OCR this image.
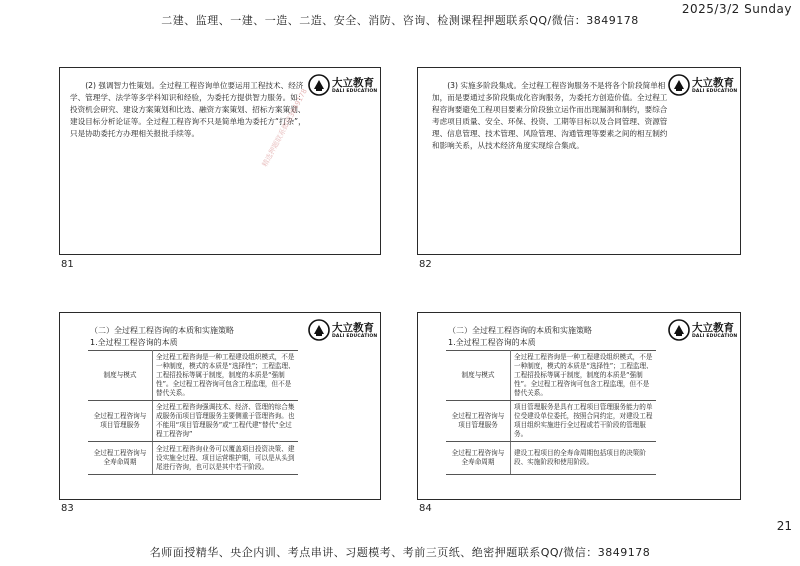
2025/3/2 Sunday
二建、监理、一建、一造、二造、安全、消防、咨询、检测课程押题联系QQ/微信：3849178
名师面授精华、央企内训、考点串讲、习题模考、考前三页纸、绝密押题联系QQ/微信：3849178
21
大立教育
DALI EDUCATION
(2) 强调智力性策划。全过程工程咨询单位要运用工程技术、经济学、管理学、法学等多学科知识和经验，为委托方提供智力服务。如：投资机会研究、建设方案策划和比选、融资方案策划、招标方案策划、建设目标分析论证等。全过程工程咨询不只是简单地为委托方“打杂”，只是协助委托方办理相关报批手续等。	精选押题联系微信3849178
81
大立教育
DALI EDUCATION
(3) 实施多阶段集成。全过程工程咨询服务不是将各个阶段简单相加，而是要通过多阶段集成化咨询服务，为委托方创造价值。全过程工程咨询要避免工程项目要素分阶段独立运作而出现漏洞和制约，要综合考虑项目质量、安全、环保、投资、工期等目标以及合同管理、资源管理、信息管理、技术管理、风险管理、沟通管理等要素之间的相互制约和影响关系，从技术经济角度实现综合集成。
82
大立教育
DALI EDUCATION
（二）全过程工程咨询的本质和实施策略
1.全过程工程咨询的本质
制度与模式	全过程工程咨询是一种工程建设组织模式，不是一种制度，模式的本质是“选择性”；工程监理、工程招投标等属于制度，制度的本质是“强制性”。全过程工程咨询可包含工程监理，但不是替代关系。
全过程工程咨询与项目管理服务	全过程工程咨询强调技术、经济、管理的综合集成服务而项目管理服务主要侧重于管理咨询。也不能用“项目管理服务”或“工程代建”替代“全过程工程咨询”
全过程工程咨询与全寿命周期	全过程工程咨询业务可以覆盖项目投资决策、建设实施全过程、项目运营维护期，可以是从头到尾进行咨询，也可以是其中若干阶段。
83
大立教育
DALI EDUCATION
（二）全过程工程咨询的本质和实施策略
1.全过程工程咨询的本质
制度与模式	全过程工程咨询是一种工程建设组织模式，不是一种制度，模式的本质是“选择性”；工程监理、工程招投标等属于制度，制度的本质是“强制性”。全过程工程咨询可包含工程监理，但不是替代关系。
全过程工程咨询与项目管理服务	项目管理服务是具有工程项目管理服务能力的单位受建设单位委托，按照合同约定，对建设工程项目组织实施进行全过程或若干阶段的管理服务。
全过程工程咨询与全寿命周期	建设工程项目的全寿命周期包括项目的决策阶段、实施阶段和使用阶段。
84
